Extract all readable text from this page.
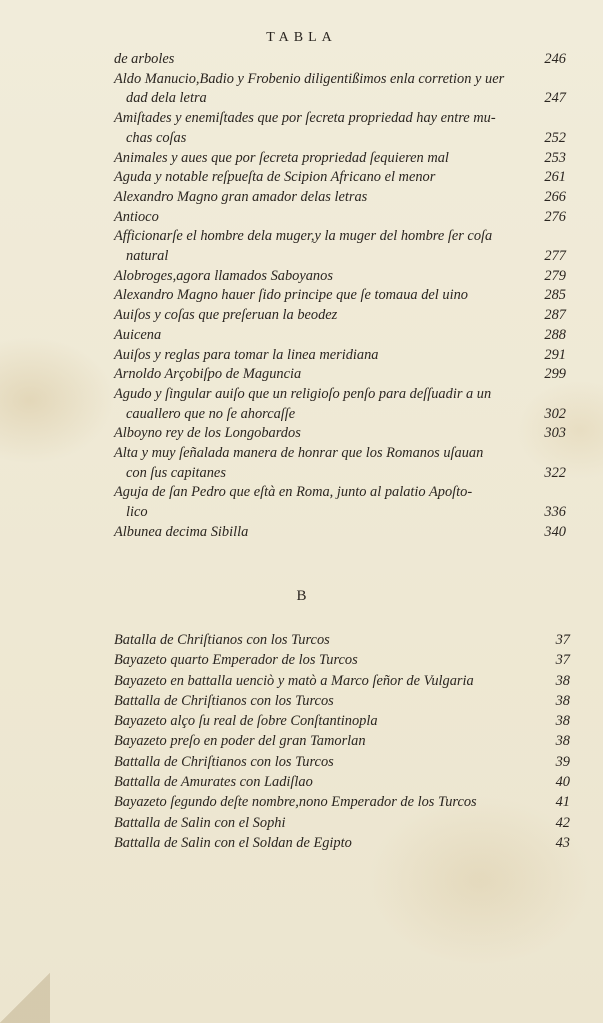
TABLA
de arboles	246
Aldo Manucio,Badio y Frobenio diligentißimos enla corretion y uer
dad dela letra	247
Amiſtades y enemiſtades que por ſecreta propriedad hay entre mu-
chas coſas	252
Animales y aues que por ſecreta propriedad ſequieren mal	253
Aguda y notable reſpueſta de Scipion Africano el menor	261
Alexandro Magno gran amador delas letras	266
Antioco	276
Afficionarſe el hombre dela muger,y la muger del hombre ſer coſa
natural	277
Alobroges,agora llamados Saboyanos	279
Alexandro Magno hauer ſido principe que ſe tomaua del uino	285
Auiſos y coſas que preſeruan la beodez	287
Auicena	288
Auiſos y reglas para tomar la linea meridiana	291
Arnoldo Arçobiſpo de Maguncia	299
Agudo y ſingular auiſo que un religioſo penſo para deſſuadir a un
cauallero que no ſe ahorcaſſe	302
Alboyno rey de los Longobardos	303
Alta y muy ſeñalada manera de honrar que los Romanos uſauan
con ſus capitanes	322
Aguja de ſan Pedro que eſtà en Roma, junto al palatio Apoſto-
lico	336
Albunea decima Sibilla	340
B
Batalla de Chriſtianos con los Turcos	37
Bayazeto quarto Emperador de los Turcos	37
Bayazeto en battalla uenciò y matò a Marco ſeñor de Vulgaria	38
Battalla de Chriſtianos con los Turcos	38
Bayazeto alço ſu real de ſobre Conſtantinopla	38
Bayazeto preſo en poder del gran Tamorlan	38
Battalla de Chriſtianos con los Turcos	39
Battalla de Amurates con Ladiſlao	40
Bayazeto ſegundo deſte nombre,nono Emperador de los Turcos	41
Battalla de Salin con el Sophi	42
Battalla de Salin con el Soldan de Egipto	43
